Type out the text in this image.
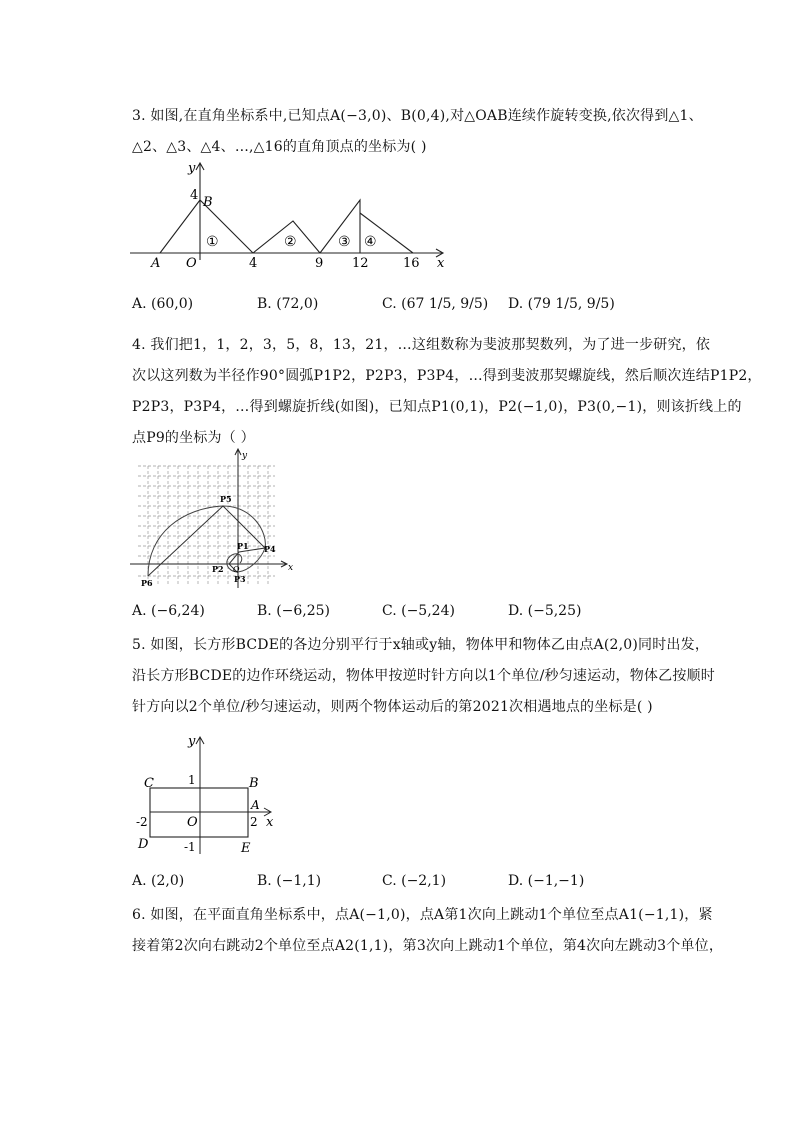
3. 如图,在直角坐标系中,已知点A(−3,0)、B(0,4),对△OAB连续作旋转变换,依次得到△1、
△2、△3、△4、…,△16的直角顶点的坐标为( )
y
x
4 B
A O	4	9 12	16
①	②	③ ④
A. (60,0)	B. (72,0)	C. (67 1/5, 9/5) D. (79 1/5, 9/5)
4. 我们把1，1，2，3，5，8，13，21，…这组数称为斐波那契数列，为了进一步研究，依
次以这列数为半径作90°圆弧P1P2，P2P3，P3P4，…得到斐波那契螺旋线，然后顺次连结P1P2，
P2P3，P3P4，…得到螺旋折线(如图)，已知点P1(0,1)，P2(−1,0)，P3(0,−1)，则该折线上的
点P9的坐标为（ ）
y
x
O
P5
P1 P4
P2
P3
P6
A. (−6,24)	B. (−6,25)	C. (−5,24)	D. (−5,25)
5. 如图，长方形BCDE的各边分别平行于x轴或y轴，物体甲和物体乙由点A(2,0)同时出发，
沿长方形BCDE的边作环绕运动，物体甲按逆时针方向以1个单位/秒匀速运动，物体乙按顺时
针方向以2个单位/秒匀速运动，则两个物体运动后的第2021次相遇地点的坐标是( )
y
x
C	B
D	E
A
O
1
-1
2
-2
A. (2,0)	B. (−1,1)	C. (−2,1)	D. (−1,−1)
6. 如图，在平面直角坐标系中，点A(−1,0)，点A第1次向上跳动1个单位至点A1(−1,1)，紧
接着第2次向右跳动2个单位至点A2(1,1)，第3次向上跳动1个单位，第4次向左跳动3个单位，
